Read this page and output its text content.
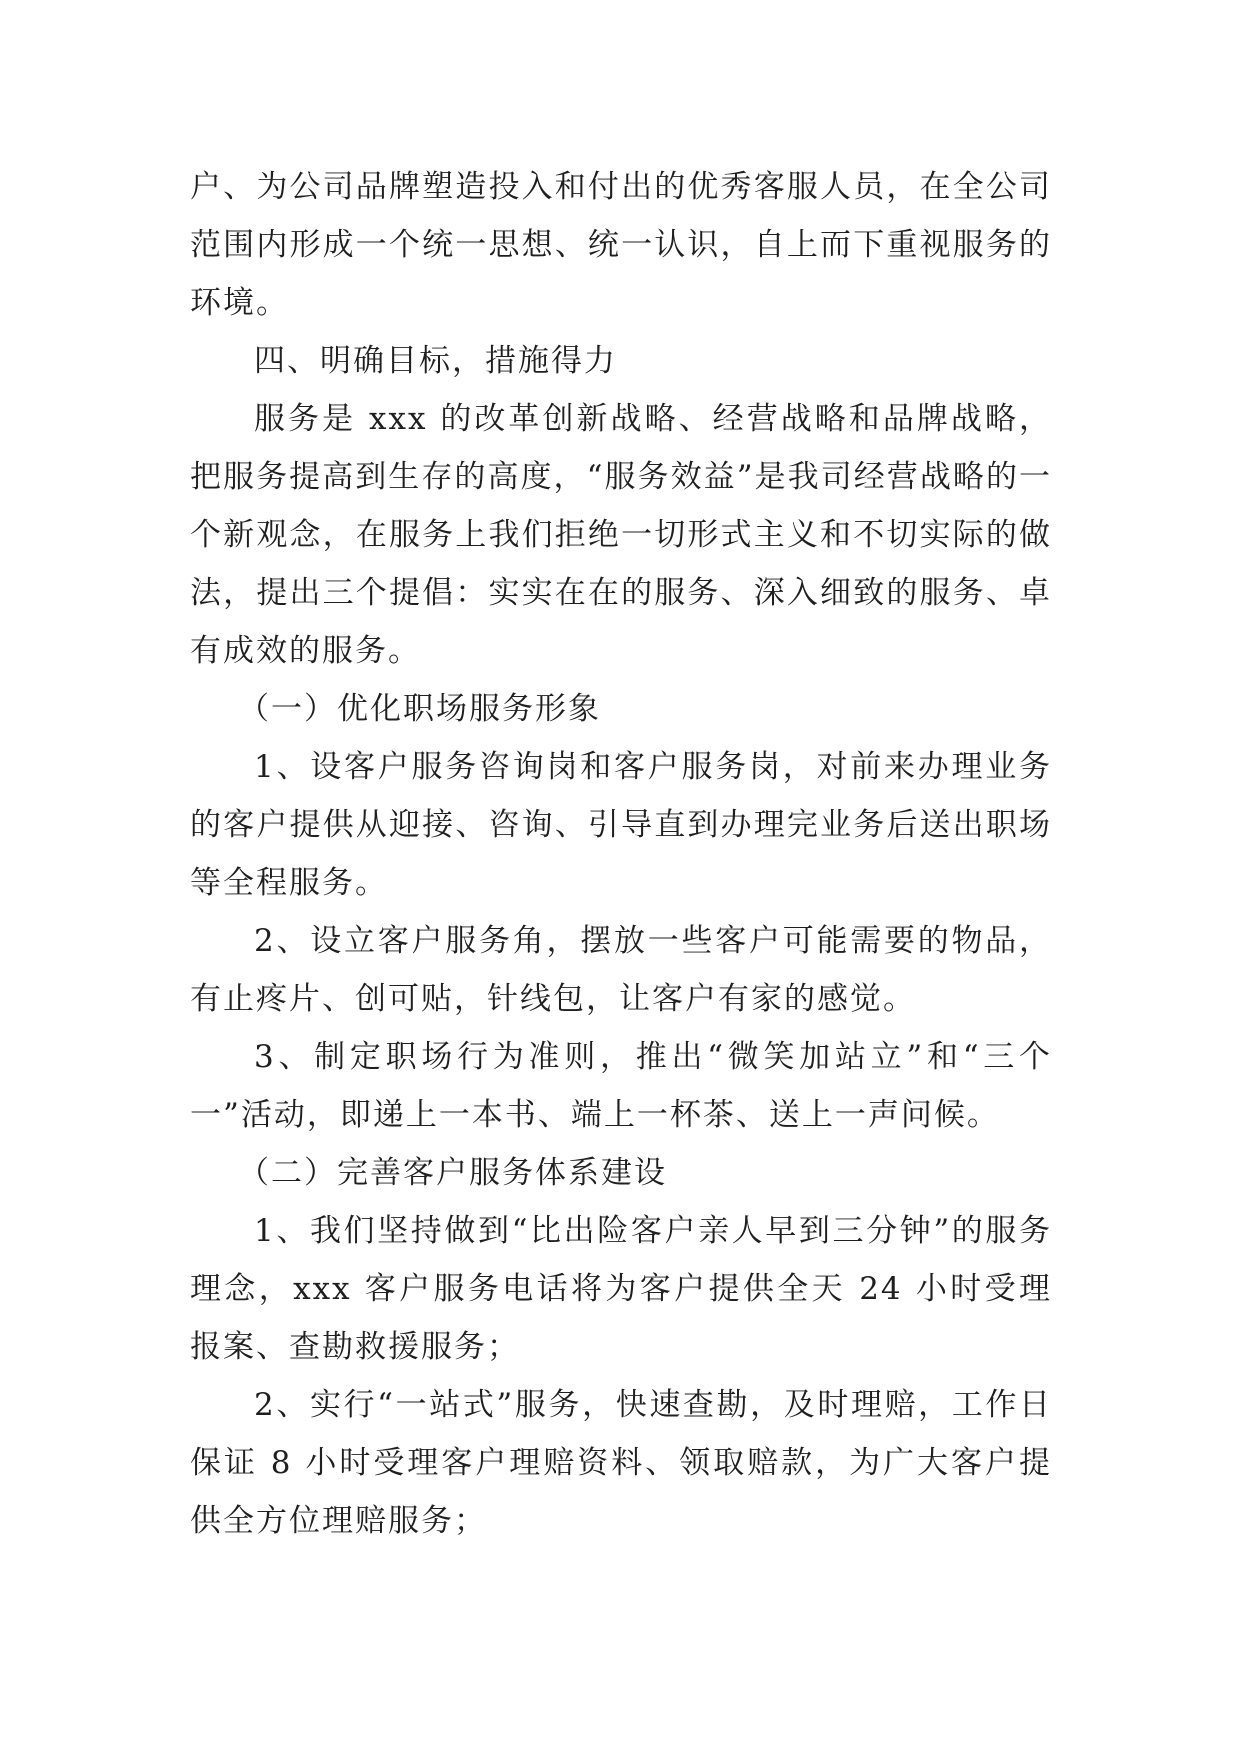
户、为公司品牌塑造投入和付出的优秀客服人员，在全公司范围内形成一个统一思想、统一认识，自上而下重视服务的环境。

四、明确目标，措施得力

服务是 xxx 的改革创新战略、经营战略和品牌战略，把服务提高到生存的高度，“服务效益”是我司经营战略的一个新观念，在服务上我们拒绝一切形式主义和不切实际的做法，提出三个提倡：实实在在的服务、深入细致的服务、卓有成效的服务。

（一）优化职场服务形象

1、设客户服务咨询岗和客户服务岗，对前来办理业务的客户提供从迎接、咨询、引导直到办理完业务后送出职场等全程服务。

2、设立客户服务角，摆放一些客户可能需要的物品，有止疼片、创可贴，针线包，让客户有家的感觉。

3、制定职场行为准则，推出“微笑加站立”和“三个一”活动，即递上一本书、端上一杯茶、送上一声问候。

（二）完善客户服务体系建设

1、我们坚持做到“比出险客户亲人早到三分钟”的服务理念，xxx 客户服务电话将为客户提供全天 24 小时受理报案、查勘救援服务；

2、实行“一站式”服务，快速查勘，及时理赔，工作日保证 8 小时受理客户理赔资料、领取赔款，为广大客户提供全方位理赔服务；
